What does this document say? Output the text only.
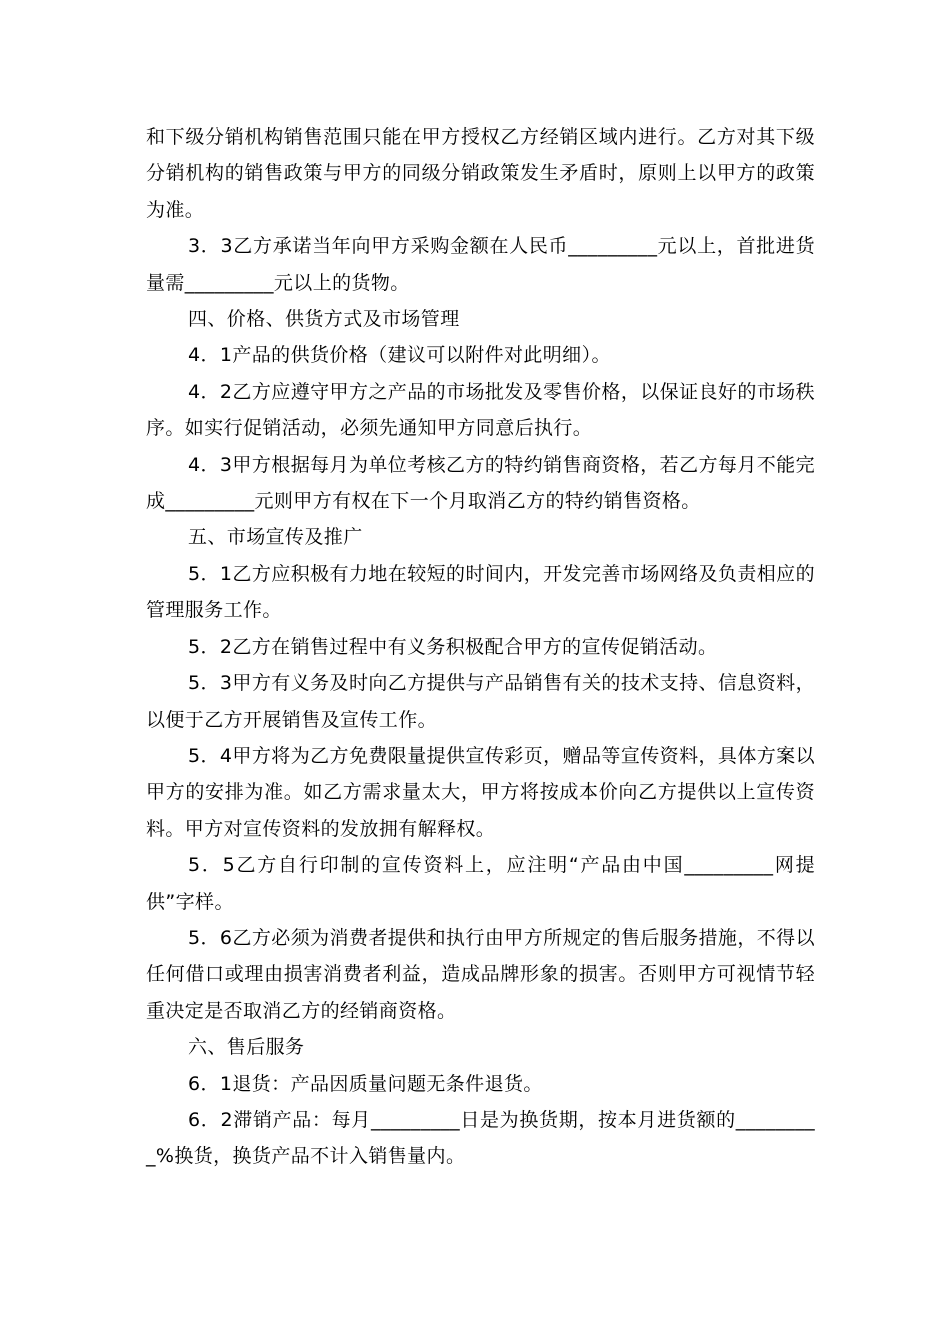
和下级分销机构销售范围只能在甲方授权乙方经销区域内进行。乙方对其下级分销机构的销售政策与甲方的同级分销政策发生矛盾时，原则上以甲方的政策为准。

3．3乙方承诺当年向甲方采购金额在人民币_________元以上，首批进货量需_________元以上的货物。

四、价格、供货方式及市场管理

4．1产品的供货价格（建议可以附件对此明细）。

4．2乙方应遵守甲方之产品的市场批发及零售价格，以保证良好的市场秩序。如实行促销活动，必须先通知甲方同意后执行。

4．3甲方根据每月为单位考核乙方的特约销售商资格，若乙方每月不能完成_________元则甲方有权在下一个月取消乙方的特约销售资格。

五、市场宣传及推广

5．1乙方应积极有力地在较短的时间内，开发完善市场网络及负责相应的管理服务工作。

5．2乙方在销售过程中有义务积极配合甲方的宣传促销活动。

5．3甲方有义务及时向乙方提供与产品销售有关的技术支持、信息资料，以便于乙方开展销售及宣传工作。

5．4甲方将为乙方免费限量提供宣传彩页，赠品等宣传资料，具体方案以甲方的安排为准。如乙方需求量太大，甲方将按成本价向乙方提供以上宣传资料。甲方对宣传资料的发放拥有解释权。

5．5乙方自行印制的宣传资料上，应注明“产品由中国_________网提供”字样。

5．6乙方必须为消费者提供和执行由甲方所规定的售后服务措施，不得以任何借口或理由损害消费者利益，造成品牌形象的损害。否则甲方可视情节轻重决定是否取消乙方的经销商资格。

六、售后服务

6．1退货：产品因质量问题无条件退货。

6．2滞销产品：每月_________日是为换货期，按本月进货额的_________%换货，换货产品不计入销售量内。
